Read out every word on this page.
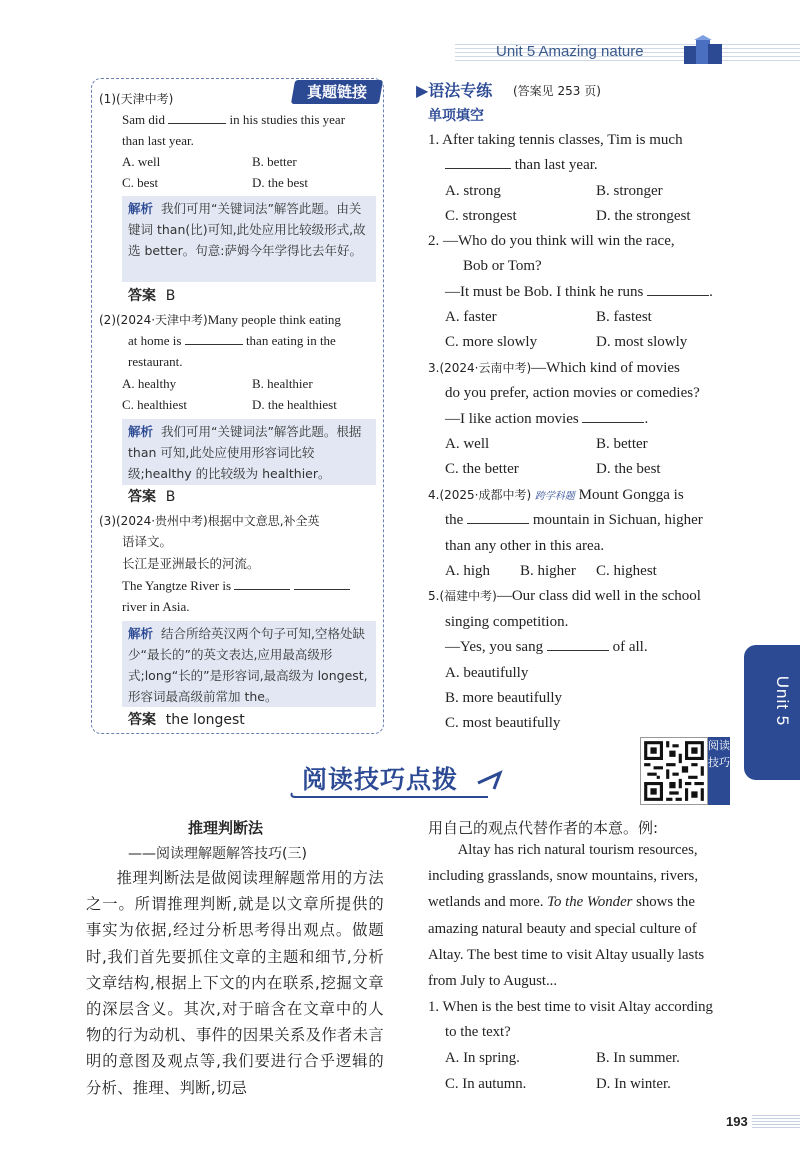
Unit 5 Amazing nature
真题链接
(1)(天津中考)
Sam did	in his studies this year
than last year.
A. well	B. better
C. best	D. the best
解析 我们可用“关键词法”解答此题。由关键词 than(比)可知,此处应用比较级形式,故选 better。句意:萨姆今年学得比去年好。
答案 B
(2)(2024·天津中考)Many people think eating
at home is	than eating in the
restaurant.
A. healthy	B. healthier
C. healthiest	D. the healthiest
解析 我们可用“关键词法”解答此题。根据 than 可知,此处应使用形容词比较级;healthy 的比较级为 healthier。
答案 B
(3)(2024·贵州中考)根据中文意思,补全英
语译文。
长江是亚洲最长的河流。
The Yangtze River is
river in Asia.
解析 结合所给英汉两个句子可知,空格处缺少“最长的”的英文表达,应用最高级形式;long“长的”是形容词,最高级为 longest,形容词最高级前常加 the。
答案 the longest
▶语法专练 (答案见 253 页)
单项填空
1. After taking tennis classes, Tim is much
than last year.
A. strong	B. stronger
C. strongest	D. the strongest
2. —Who do you think will win the race,
Bob or Tom?
—It must be Bob. I think he runs	.
A. faster	B. fastest
C. more slowly	D. most slowly
3.(2024·云南中考)—Which kind of movies
do you prefer, action movies or comedies?
—I like action movies	.
A. well	B. better
C. the better	D. the best
4.(2025·成都中考) 跨学科题 Mount Gongga is
the	mountain in Sichuan, higher
than any other in this area.
A. high B. higher C. highest
5.(福建中考)—Our class did well in the school
singing competition.
—Yes, you sang	of all.
A. beautifully
B. more beautifully
C. most beautifully	Unit 5
阅读技巧点拨
阅读技巧
推理判断法
——阅读理解题解答技巧(三)
推理判断法是做阅读理解题常用的方法之一。所谓推理判断,就是以文章所提供的事实为依据,经过分析思考得出观点。做题时,我们首先要抓住文章的主题和细节,分析文章结构,根据上下文的内在联系,挖掘文章的深层含义。其次,对于暗含在文章中的人物的行为动机、事件的因果关系及作者未言明的意图及观点等,我们要进行合乎逻辑的分析、推理、判断,切忌
用自己的观点代替作者的本意。例:
Altay has rich natural tourism resources, including grasslands, snow mountains, rivers, wetlands and more. To the Wonder shows the amazing natural beauty and special culture of Altay. The best time to visit Altay usually lasts from July to August...
1. When is the best time to visit Altay according
to the text?
A. In spring.	B. In summer.
C. In autumn.	D. In winter.
193
